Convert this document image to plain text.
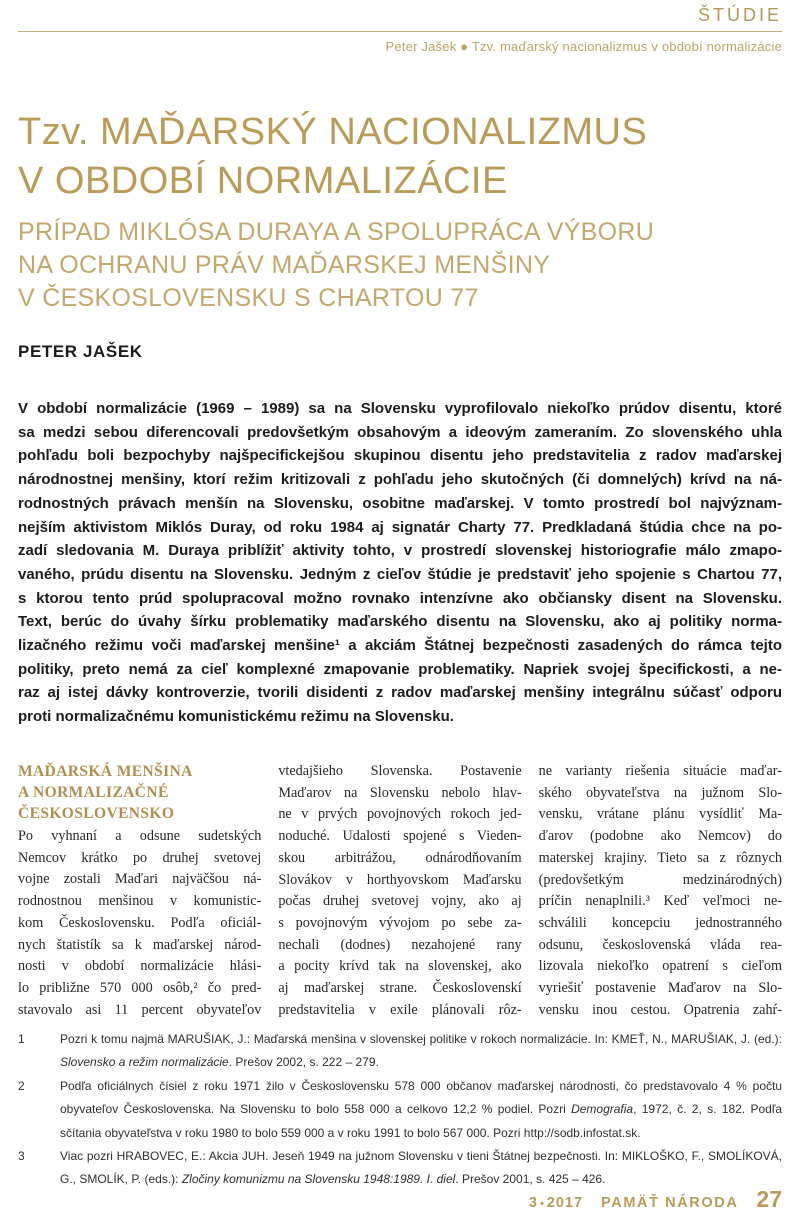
ŠTÚDIE
Peter Jašek ● Tzv. maďarský nacionalizmus v období normalizácie
Tzv. MAĎARSKÝ NACIONALIZMUS
V OBDOBÍ NORMALIZÁCIE
PRÍPAD MIKLÓSA DURAYA A SPOLUPRÁCA VÝBORU
NA OCHRANU PRÁV MAĎARSKEJ MENŠINY
V ČESKOSLOVENSKU S CHARTOU 77
PETER JAŠEK
V období normalizácie (1969 – 1989) sa na Slovensku vyprofilovalo niekoľko prúdov disentu, ktoré
sa medzi sebou diferencovali predovšetkým obsahovým a ideovým zameraním. Zo slovenského uhla
pohľadu boli bezpochyby najšpecifickejšou skupinou disentu jeho predstavitelia z radov maďarskej
národnostnej menšiny, ktorí režim kritizovali z pohľadu jeho skutočných (či domnelých) krívd na ná-
rodnostných právach menšín na Slovensku, osobitne maďarskej. V tomto prostredí bol najvýznam-
nejším aktivistom Miklós Duray, od roku 1984 aj signatár Charty 77. Predkladaná štúdia chce na po-
zadí sledovania M. Duraya priblížiť aktivity tohto, v prostredí slovenskej historiografie málo zmapo-
vaného, prúdu disentu na Slovensku. Jedným z cieľov štúdie je predstaviť jeho spojenie s Chartou 77,
s ktorou tento prúd spolupracoval možno rovnako intenzívne ako občiansky disent na Slovensku.
Text, berúc do úvahy šírku problematiky maďarského disentu na Slovensku, ako aj politiky norma-
lizačného režimu voči maďarskej menšine¹ a akciám Štátnej bezpečnosti zasadených do rámca tejto
politiky, preto nemá za cieľ komplexné zmapovanie problematiky. Napriek svojej špecifickosti, a ne-
raz aj istej dávky kontroverzie, tvorili disidenti z radov maďarskej menšiny integrálnu súčasť odporu
proti normalizačnému komunistickému režimu na Slovensku.
MAĎARSKÁ MENŠINA
A NORMALIZAČNÉ
ČESKOSLOVENSKO
Po vyhnaní a odsune sudetských
Nemcov krátko po druhej svetovej
vojne zostali Maďari najväčšou ná-
rodnostnou menšinou v komunistic-
kom Československu. Podľa oficiál-
nych štatistík sa k maďarskej národ-
nosti v období normalizácie hlási-
lo približne 570 000 osôb,² čo pred-
stavovalo asi 11 percent obyvateľov
vtedajšieho Slovenska. Postavenie
Maďarov na Slovensku nebolo hlav-
ne v prvých povojnových rokoch jed-
noduché. Udalosti spojené s Vieden-
skou arbitrážou, odnárodňovaním
Slovákov v horthyovskom Maďarsku
počas druhej svetovej vojny, ako aj
s povojnovým vývojom po sebe za-
nechali (dodnes) nezahojené rany
a pocity krívd tak na slovenskej, ako
aj maďarskej strane. Československí
predstavitelia v exile plánovali rôz-
ne varianty riešenia situácie maďar-
ského obyvateľstva na južnom Slo-
vensku, vrátane plánu vysídliť Ma-
ďarov (podobne ako Nemcov) do
materskej krajiny. Tieto sa z rôznych
(predovšetkým medzinárodných)
príčin nenaplnili.³ Keď veľmoci ne-
schválili koncepciu jednostranného
odsunu, československá vláda rea-
lizovala niekoľko opatrení s cieľom
vyriešiť postavenie Maďarov na Slo-
vensku inou cestou. Opatrenia zahŕ-
1	Pozri k tomu najmä MARUŠIAK, J.: Maďarská menšina v slovenskej politike v rokoch normalizácie. In: KMEŤ, N., MARUŠIAK, J. (ed.): Slovensko a režim normalizácie. Prešov 2002, s. 222 – 279.
2	Podľa oficiálnych čísiel z roku 1971 žilo v Československu 578 000 občanov maďarskej národnosti, čo predstavovalo 4 % počtu obyvateľov Československa. Na Slovensku to bolo 558 000 a celkovo 12,2 % podiel. Pozri Demografia, 1972, č. 2, s. 182. Podľa sčítania obyvateľstva v roku 1980 to bolo 559 000 a v roku 1991 to bolo 567 000. Pozri http://sodb.infostat.sk.
3	Viac pozri HRABOVEC, E.: Akcia JUH. Jeseň 1949 na južnom Slovensku v tieni Štátnej bezpečnosti. In: MIKLOŠKO, F., SMOLÍKOVÁ, G., SMOLÍK, P. (eds.): Zločiny komunizmu na Slovensku 1948:1989. I. diel. Prešov 2001, s. 425 – 426.
3 • 2017 PAMÄŤ NÁRODA 27
